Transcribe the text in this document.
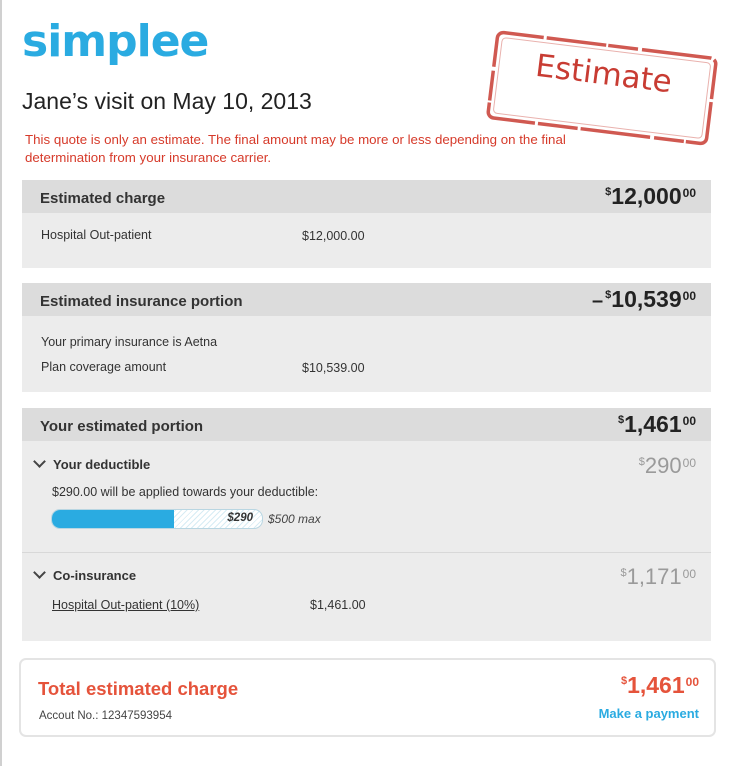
simplee
Estimate
Jane’s visit on May 10, 2013
This quote is only an estimate. The final amount may be more or less depending on the final determination from your insurance carrier.
Estimated charge	$12,000$^{00}$
Hospital Out-patient	$12,000.00
Estimated insurance portion	– $10,539$^{00}$
Your primary insurance is Aetna
Plan coverage amount	$10,539.00
Your estimated portion	$1,461$^{00}$
Your deductible	$^{\$}290^{00}$
$290.00 will be applied towards your deductible:
$290 $500 max
Co-insurance	$1,171$^{00}$
Hospital Out-patient (10%)	$1,461.00
Total estimated charge
Accout No.: 12347593954
$1,461$^{00}$
Make a payment
